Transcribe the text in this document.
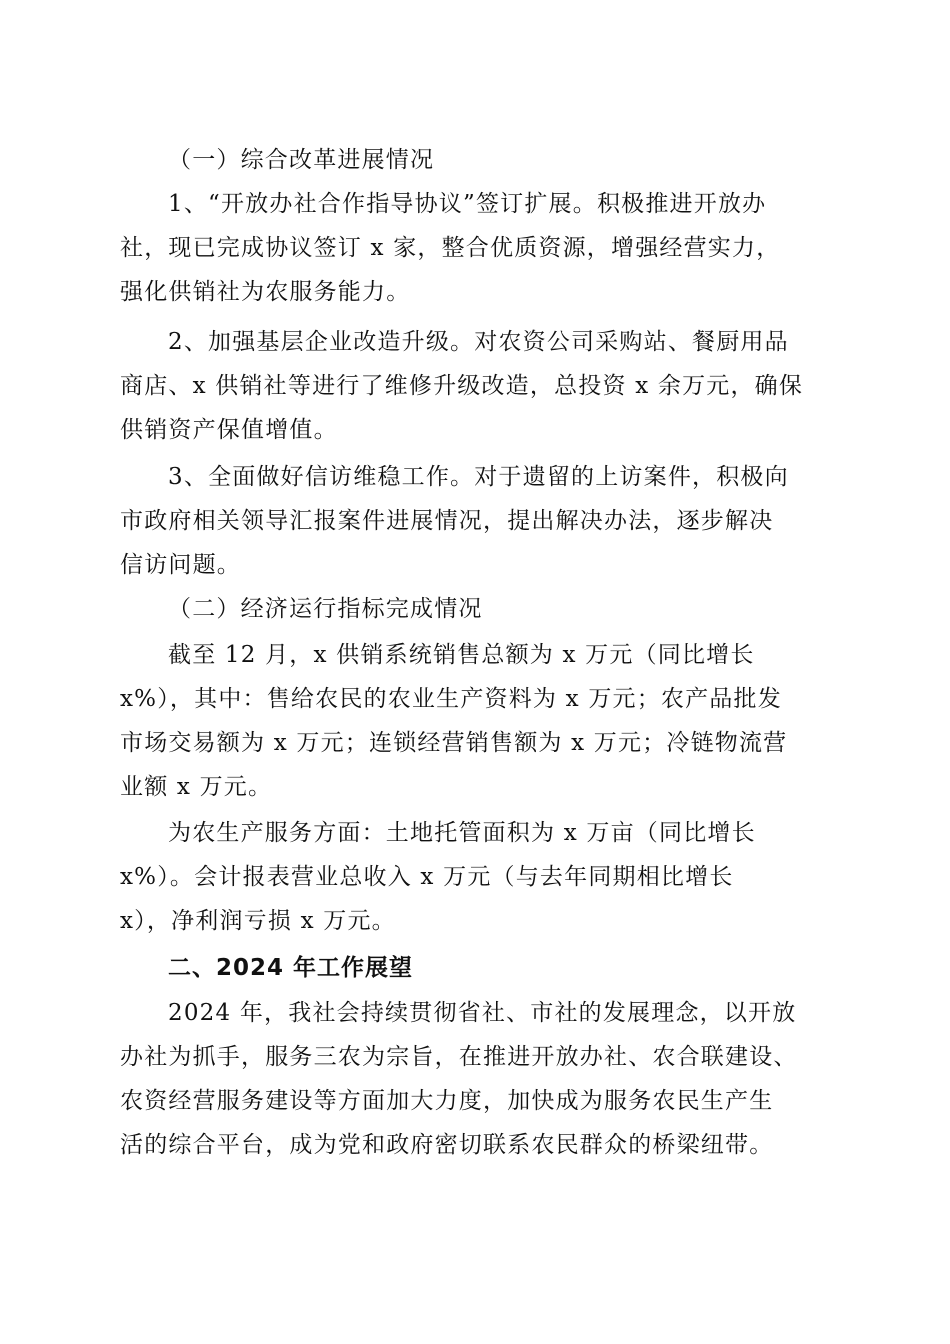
（一）综合改革进展情况
1、“开放办社合作指导协议”签订扩展。积极推进开放办
社，现已完成协议签订 x 家，整合优质资源，增强经营实力，
强化供销社为农服务能力。
2、加强基层企业改造升级。对农资公司采购站、餐厨用品
商店、x 供销社等进行了维修升级改造，总投资 x 余万元，确保
供销资产保值增值。
3、全面做好信访维稳工作。对于遗留的上访案件，积极向
市政府相关领导汇报案件进展情况，提出解决办法，逐步解决
信访问题。
（二）经济运行指标完成情况
截至 12 月，x 供销系统销售总额为 x 万元（同比增长
x%），其中：售给农民的农业生产资料为 x 万元；农产品批发
市场交易额为 x 万元；连锁经营销售额为 x 万元；冷链物流营
业额 x 万元。
为农生产服务方面：土地托管面积为 x 万亩（同比增长
x%）。会计报表营业总收入 x 万元（与去年同期相比增长
x），净利润亏损 x 万元。
二、2024 年工作展望
2024 年，我社会持续贯彻省社、市社的发展理念，以开放
办社为抓手，服务三农为宗旨，在推进开放办社、农合联建设、
农资经营服务建设等方面加大力度，加快成为服务农民生产生
活的综合平台，成为党和政府密切联系农民群众的桥梁纽带。
